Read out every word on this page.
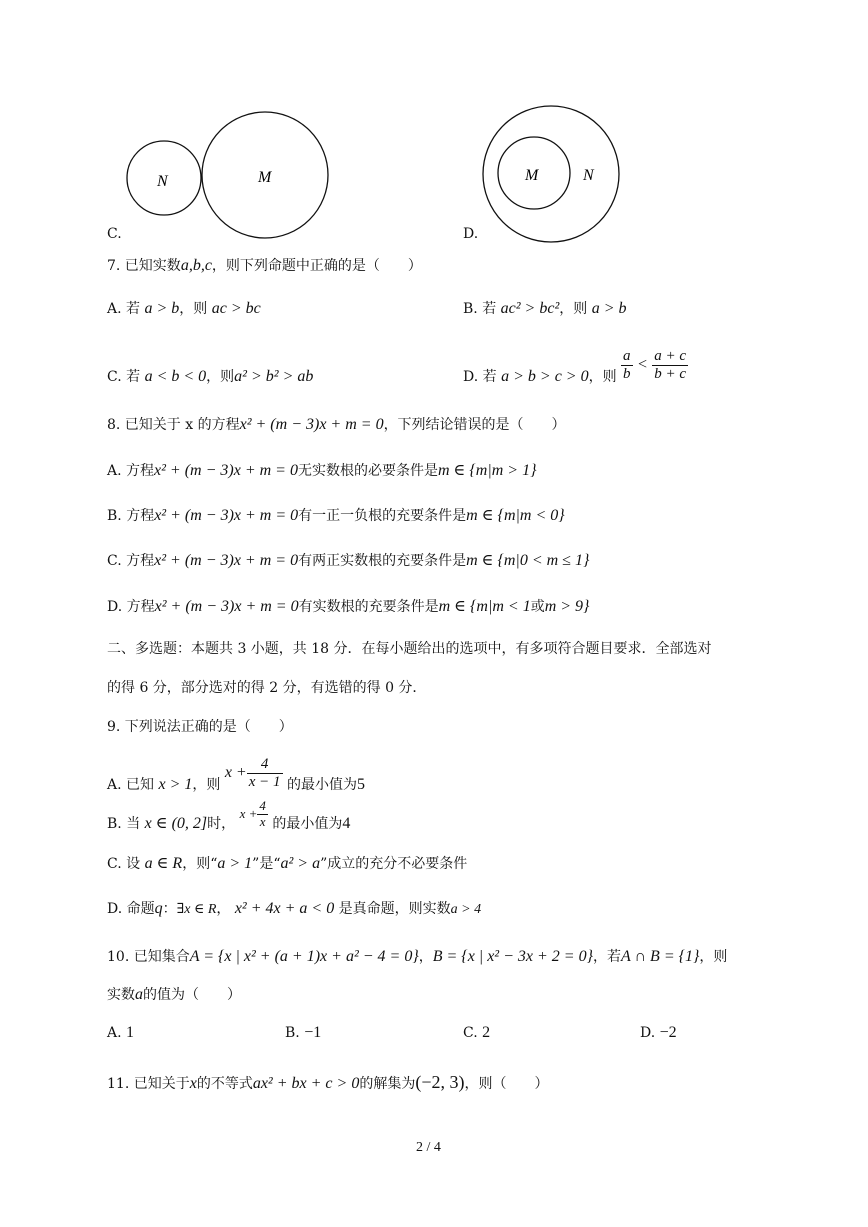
N	M
C.
M	N
D.
7. 已知实数a,b,c，则下列命题中正确的是（　　）
A. 若 a > b，则 ac > bc	B. 若 ac² > bc²，则 a > b
C. 若 a < b < 0，则a² > b² > ab	D. 若 a > b > c > 0，则 $\frac{a}{b} < \frac{a + c}{b + c}$
8. 已知关于 x 的方程x² + (m − 3)x + m = 0，下列结论错误的是（　　）
A. 方程x² + (m − 3)x + m = 0无实数根的必要条件是m ∈ {m|m > 1}
B. 方程x² + (m − 3)x + m = 0有一正一负根的充要条件是m ∈ {m|m < 0}
C. 方程x² + (m − 3)x + m = 0有两正实数根的充要条件是m ∈ {m|0 < m ≤ 1}
D. 方程x² + (m − 3)x + m = 0有实数根的充要条件是m ∈ {m|m < 1或m > 9}
二、多选题：本题共 3 小题，共 18 分．在每小题给出的选项中，有多项符合题目要求．全部选对
的得 6 分，部分选对的得 2 分，有选错的得 0 分．
9. 下列说法正确的是（　　）
A. 已知 x > 1，则 $x + \frac{4}{x - 1}$ 的最小值为5
B. 当 x ∈ (0, 2]时， $x + \frac{4}{x}$ 的最小值为4
C. 设 a ∈ R，则“a > 1”是“a² > a”成立的充分不必要条件
D. 命题q：∃x ∈ R， x² + 4x + a < 0 是真命题，则实数a > 4
10. 已知集合A = {x | x² + (a + 1)x + a² − 4 = 0}，B = {x | x² − 3x + 2 = 0}，若A ∩ B = {1}，则
实数a的值为（　　）
A. 1	B. −1	C. 2	D. −2
11. 已知关于x的不等式ax² + bx + c > 0的解集为(−2, 3)，则（　　）
2 / 4
